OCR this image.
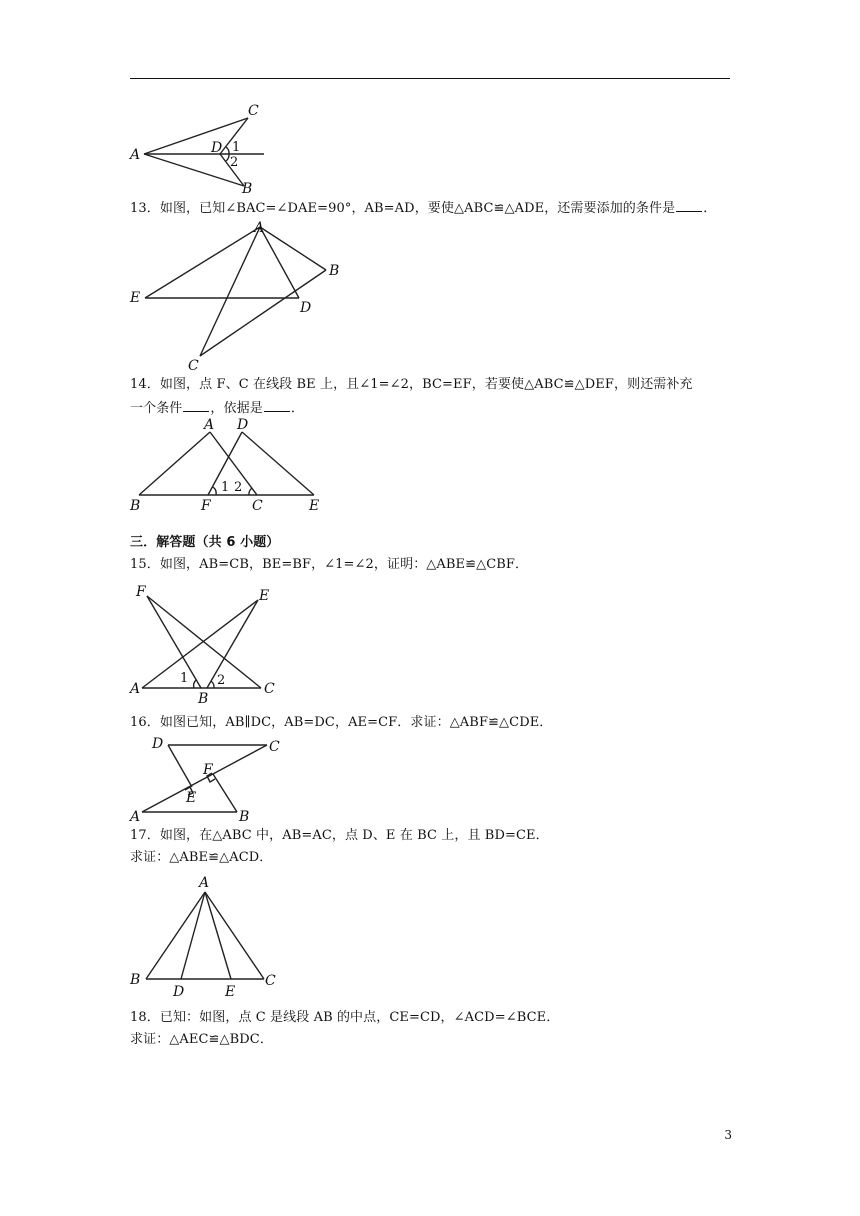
C
A	D 1
2
B
13．如图，已知∠BAC=∠DAE=90°，AB=AD，要使△ABC≌△ADE，还需要添加的条件是 ．
A
B
E
D
C
14．如图，点 F、C 在线段 BE 上，且∠1=∠2，BC=EF，若要使△ABC≌△DEF，则还需补充
一个条件 ，依据是 ．
A D
1 2
B	F	C	E
三．解答题（共 6 小题）
15．如图，AB=CB，BE=BF，∠1=∠2，证明：△ABE≌△CBF．
F	E
1 2
A
B
C
16．如图已知，AB∥DC，AB=DC，AE=CF．求证：△ABF≌△CDE．
D	C
F
E
A	B
17．如图，在△ABC 中，AB=AC，点 D、E 在 BC 上，且 BD=CE．
求证：△ABE≌△ACD．
A
B	C
D	E
18．已知：如图，点 C 是线段 AB 的中点，CE=CD，∠ACD=∠BCE．
求证：△AEC≌△BDC．
3
